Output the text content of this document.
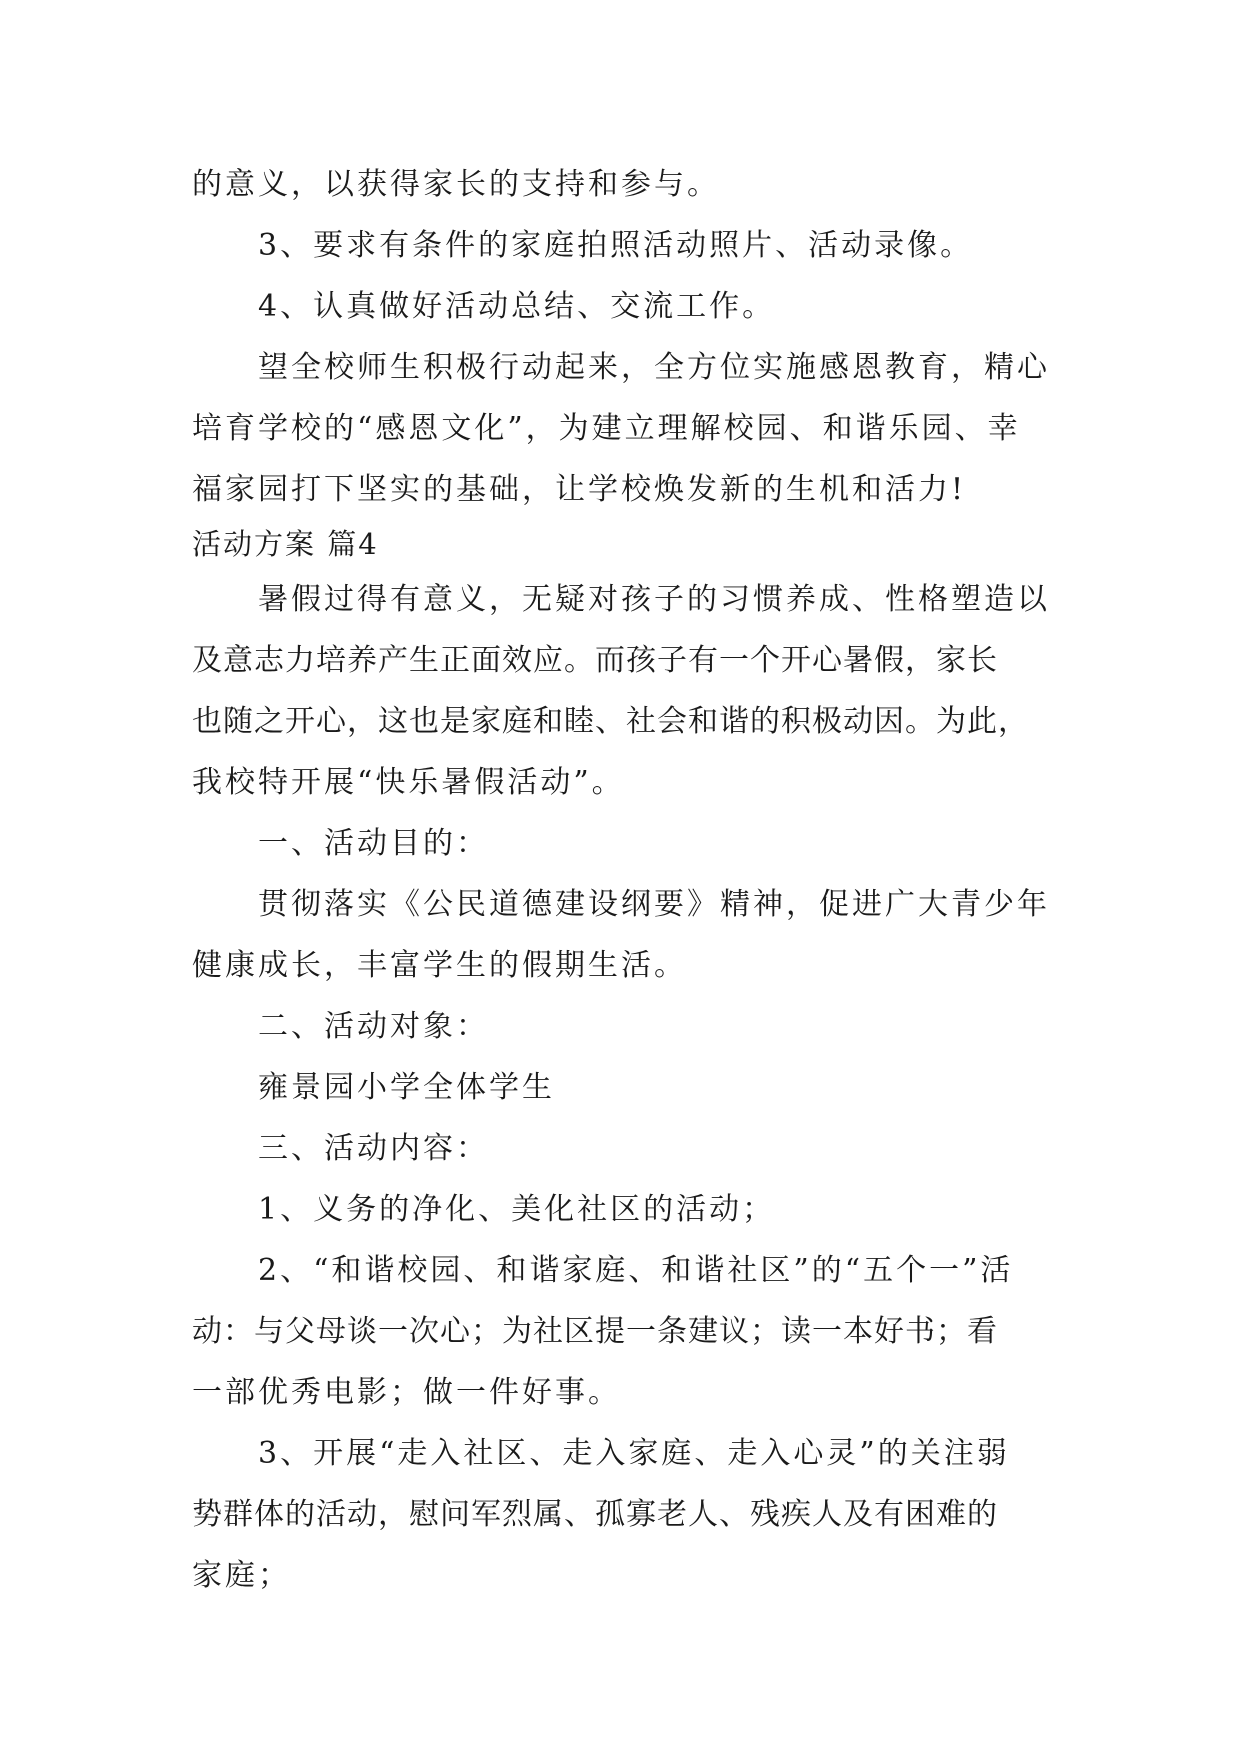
的意义，以获得家长的支持和参与。
3、要求有条件的家庭拍照活动照片、活动录像。
4、认真做好活动总结、交流工作。
望全校师生积极行动起来，全方位实施感恩教育，精心
培育学校的“感恩文化”，为建立理解校园、和谐乐园、幸
福家园打下坚实的基础，让学校焕发新的生机和活力!
活动方案 篇4
暑假过得有意义，无疑对孩子的习惯养成、性格塑造以
及意志力培养产生正面效应。而孩子有一个开心暑假，家长
也随之开心，这也是家庭和睦、社会和谐的积极动因。为此，
我校特开展“快乐暑假活动”。
一、活动目的：
贯彻落实《公民道德建设纲要》精神，促进广大青少年
健康成长，丰富学生的假期生活。
二、活动对象：
雍景园小学全体学生
三、活动内容：
1、义务的净化、美化社区的活动；
2、“和谐校园、和谐家庭、和谐社区”的“五个一”活
动：与父母谈一次心；为社区提一条建议；读一本好书；看
一部优秀电影；做一件好事。
3、开展“走入社区、走入家庭、走入心灵”的关注弱
势群体的活动，慰问军烈属、孤寡老人、残疾人及有困难的
家庭；
